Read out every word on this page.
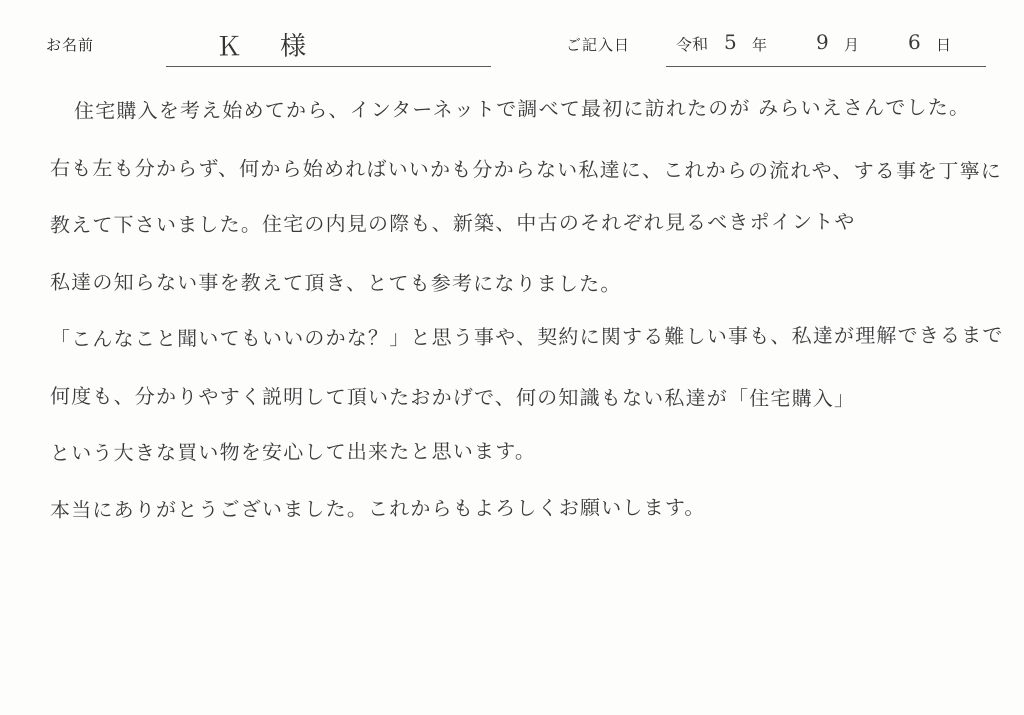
お名前	Ｋ　様	ご記入日	令和 5 年 9 月 6 日

住宅購入を考え始めてから、インターネットで調べて最初に訪れたのが みらいえさんでした。

右も左も分からず、何から始めればいいかも分からない私達に、これからの流れや、する事を丁寧に

教えて下さいました。住宅の内見の際も、新築、中古のそれぞれ見るべきポイントや

私達の知らない事を教えて頂き、とても参考になりました。

「こんなこと聞いてもいいのかな？」と思う事や、契約に関する難しい事も、私達が理解できるまで

何度も、分かりやすく説明して頂いたおかげで、何の知識もない私達が「住宅購入」

という大きな買い物を安心して出来たと思います。

本当にありがとうございました。これからもよろしくお願いします。
